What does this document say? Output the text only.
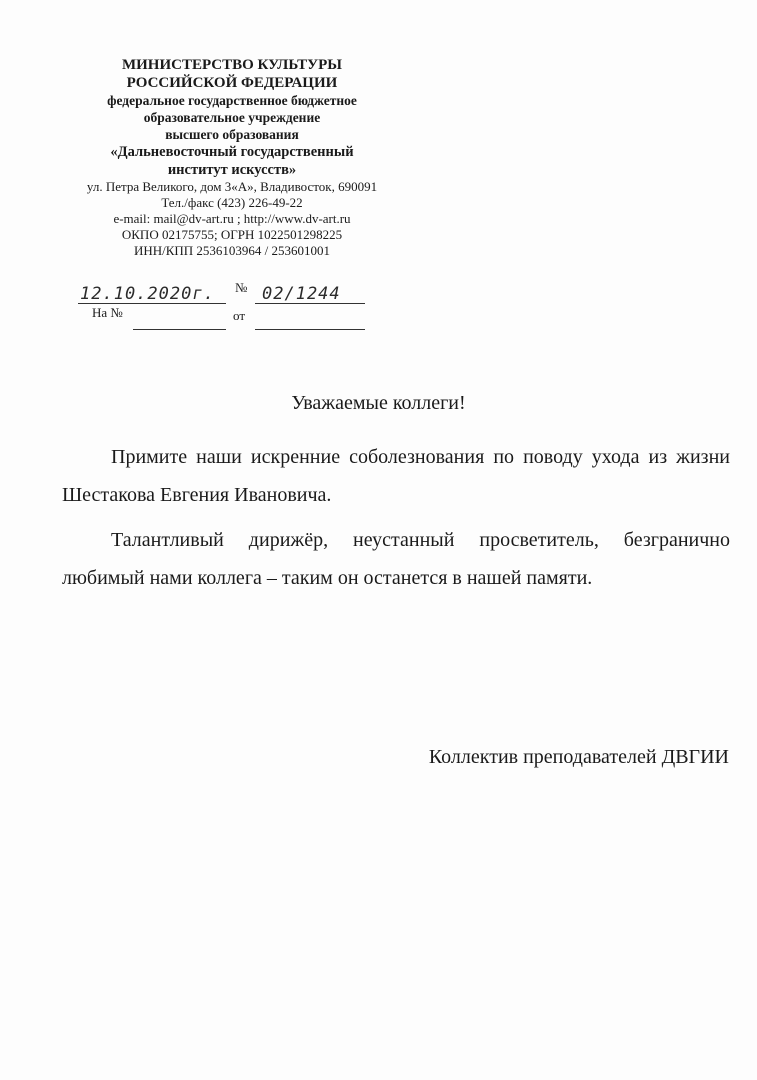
МИНИСТЕРСТВО КУЛЬТУРЫ
РОССИЙСКОЙ ФЕДЕРАЦИИ
федеральное государственное бюджетное
образовательное учреждение
высшего образования
«Дальневосточный государственный
институт искусств»
ул. Петра Великого, дом 3«А», Владивосток, 690091
Тел./факс (423) 226-49-22
e-mail: mail@dv-art.ru ; http://www.dv-art.ru
ОКПО 02175755; ОГРН 1022501298225
ИНН/КПП 2536103964 / 253601001
12.10.2020г. № 02/1244
На №	от
Уважаемые коллеги!
Примите наши искренние соболезнования по поводу ухода из жизни Шестакова Евгения Ивановича.
Талантливый дирижёр, неустанный просветитель, безгранично любимый нами коллега – таким он останется в нашей памяти.
Коллектив преподавателей ДВГИИ
